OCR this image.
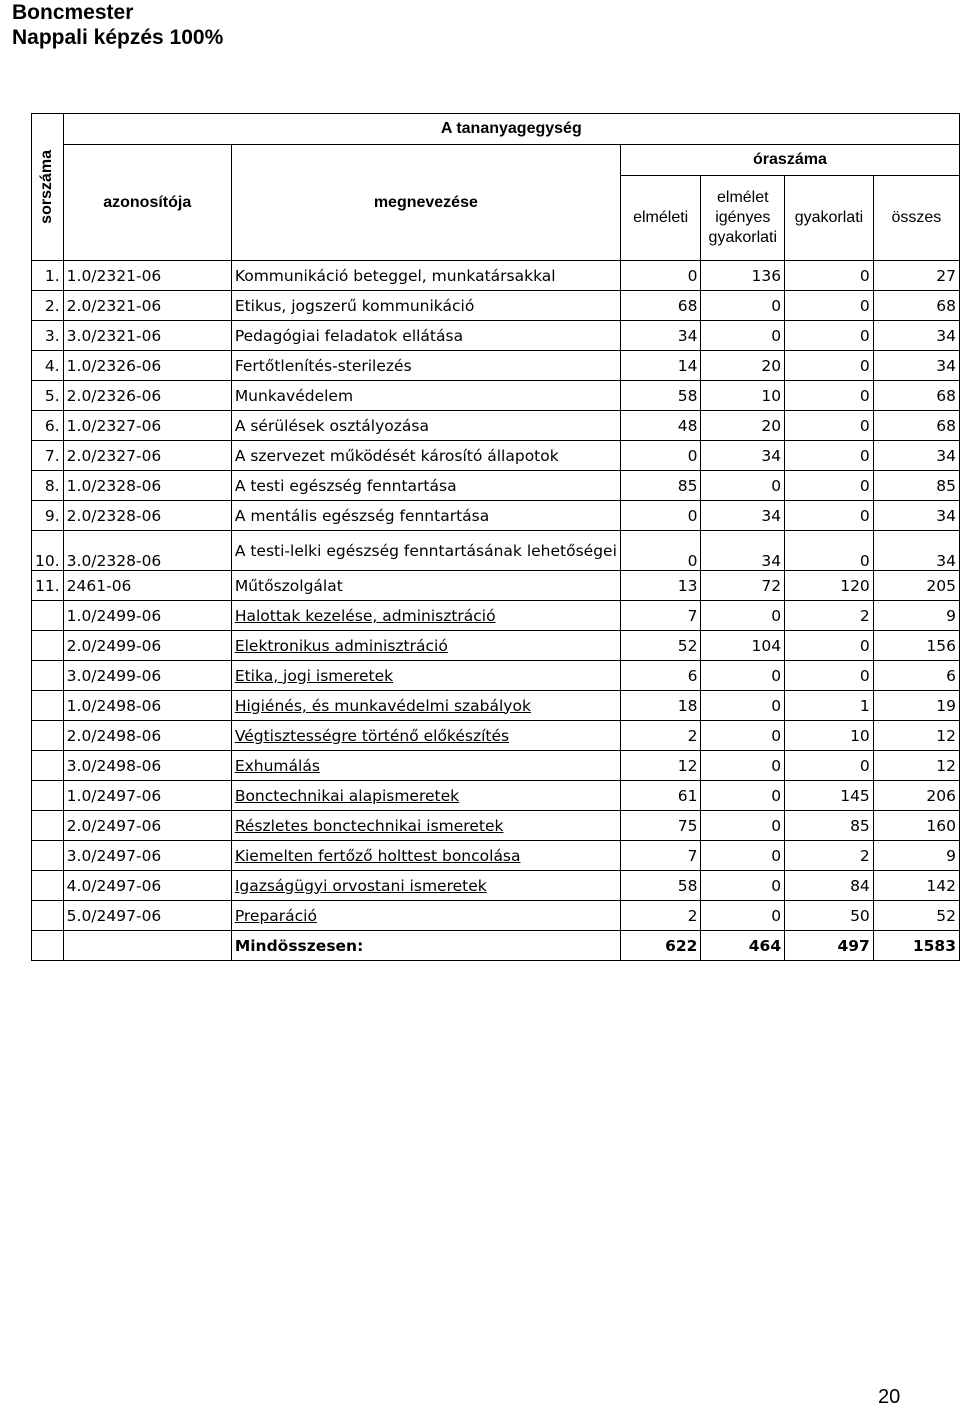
Boncmester
Nappali képzés 100%
sorszáma	A tananyagegység					
	azonosítója	megnevezése	óraszáma			
			elméleti	elmélet igényes gyakorlati	gyakorlati	összes
1.	1.0/2321-06	Kommunikáció beteggel, munkatársakkal	0	136	0	27
2.	2.0/2321-06	Etikus, jogszerű kommunikáció	68	0	0	68
3.	3.0/2321-06	Pedagógiai feladatok ellátása	34	0	0	34
4.	1.0/2326-06	Fertőtlenítés-sterilezés	14	20	0	34
5.	2.0/2326-06	Munkavédelem	58	10	0	68
6.	1.0/2327-06	A sérülések osztályozása	48	20	0	68
7.	2.0/2327-06	A szervezet működését károsító állapotok	0	34	0	34
8.	1.0/2328-06	A testi egészség fenntartása	85	0	0	85
9.	2.0/2328-06	A mentális egészség fenntartása	0	34	0	34
10.	3.0/2328-06	A testi-lelki egészség fenntartásának lehetőségei	0	34	0	34
11.	2461-06	Műtőszolgálat	13	72	120	205
	1.0/2499-06	Halottak kezelése, adminisztráció	7	0	2	9
	2.0/2499-06	Elektronikus adminisztráció	52	104	0	156
	3.0/2499-06	Etika, jogi ismeretek	6	0	0	6
	1.0/2498-06	Higiénés, és munkavédelmi szabályok	18	0	1	19
	2.0/2498-06	Végtisztességre történő előkészítés	2	0	10	12
	3.0/2498-06	Exhumálás	12	0	0	12
	1.0/2497-06	Bonctechnikai alapismeretek	61	0	145	206
	2.0/2497-06	Részletes bonctechnikai ismeretek	75	0	85	160
	3.0/2497-06	Kiemelten fertőző holttest boncolása	7	0	2	9
	4.0/2497-06	Igazságügyi orvostani ismeretek	58	0	84	142
	5.0/2497-06	Preparáció	2	0	50	52
		Mindösszesen:	622	464	497	1583
20
